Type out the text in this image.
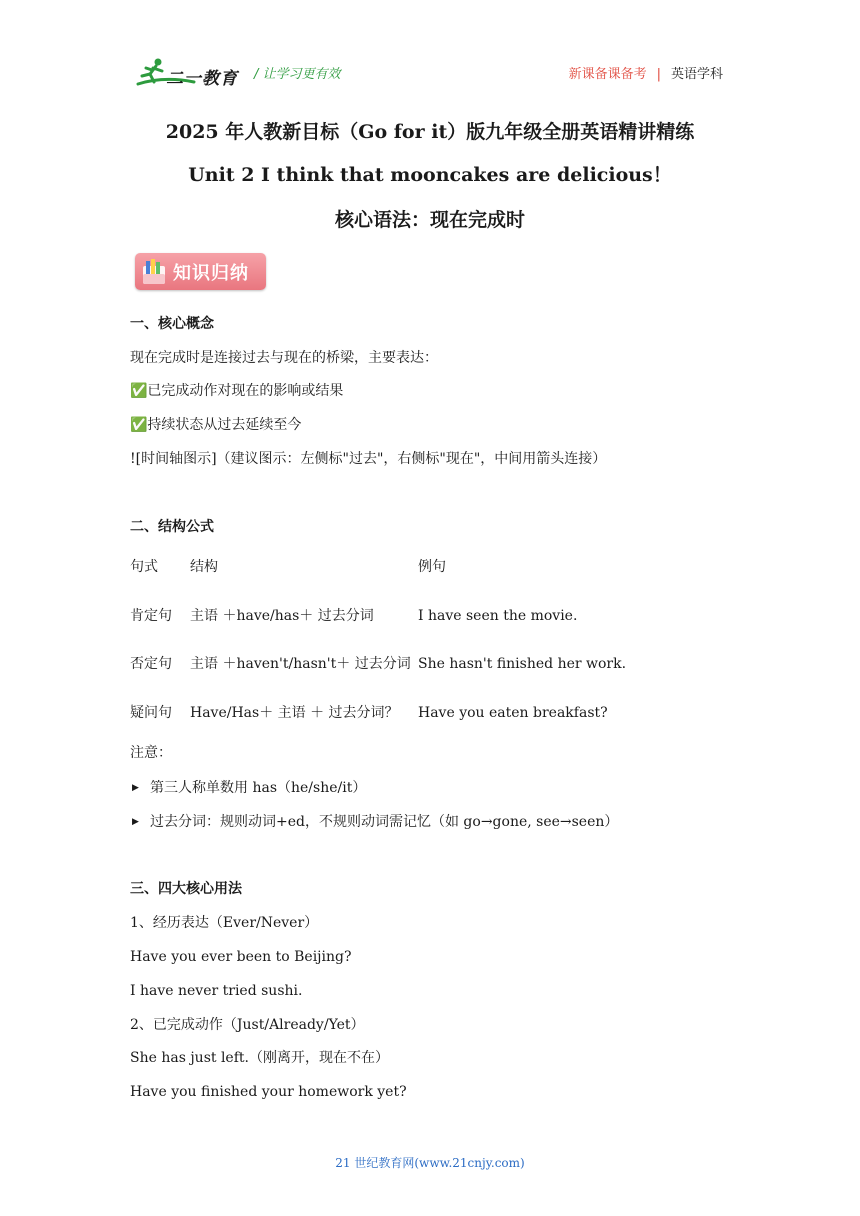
二一教育 / 让学习更有效	新课备课备考 | 英语学科
2025 年人教新目标（Go for it）版九年级全册英语精讲精练
Unit 2 I think that mooncakes are delicious！
核心语法：现在完成时
知识归纳
一、核心概念
现在完成时是连接过去与现在的桥梁，主要表达：
✅已完成动作对现在的影响或结果
✅持续状态从过去延续至今
![时间轴图示]（建议图示：左侧标"过去"，右侧标"现在"，中间用箭头连接）
二、结构公式
句式 结构	例句
肯定句 主语 ＋have/has＋ 过去分词	I have seen the movie.
否定句 主语 ＋haven't/hasn't＋ 过去分词 She hasn't finished her work.
疑问句 Have/Has＋ 主语 ＋ 过去分词？ Have you eaten breakfast?
注意：
▶ 第三人称单数用 has（he/she/it）
▶ 过去分词：规则动词+ed，不规则动词需记忆（如 go→gone, see→seen）
三、四大核心用法
1、经历表达（Ever/Never）
Have you ever been to Beijing?
I have never tried sushi.
2、已完成动作（Just/Already/Yet）
She has just left.（刚离开，现在不在）
Have you finished your homework yet?
21 世纪教育网(www.21cnjy.com)
